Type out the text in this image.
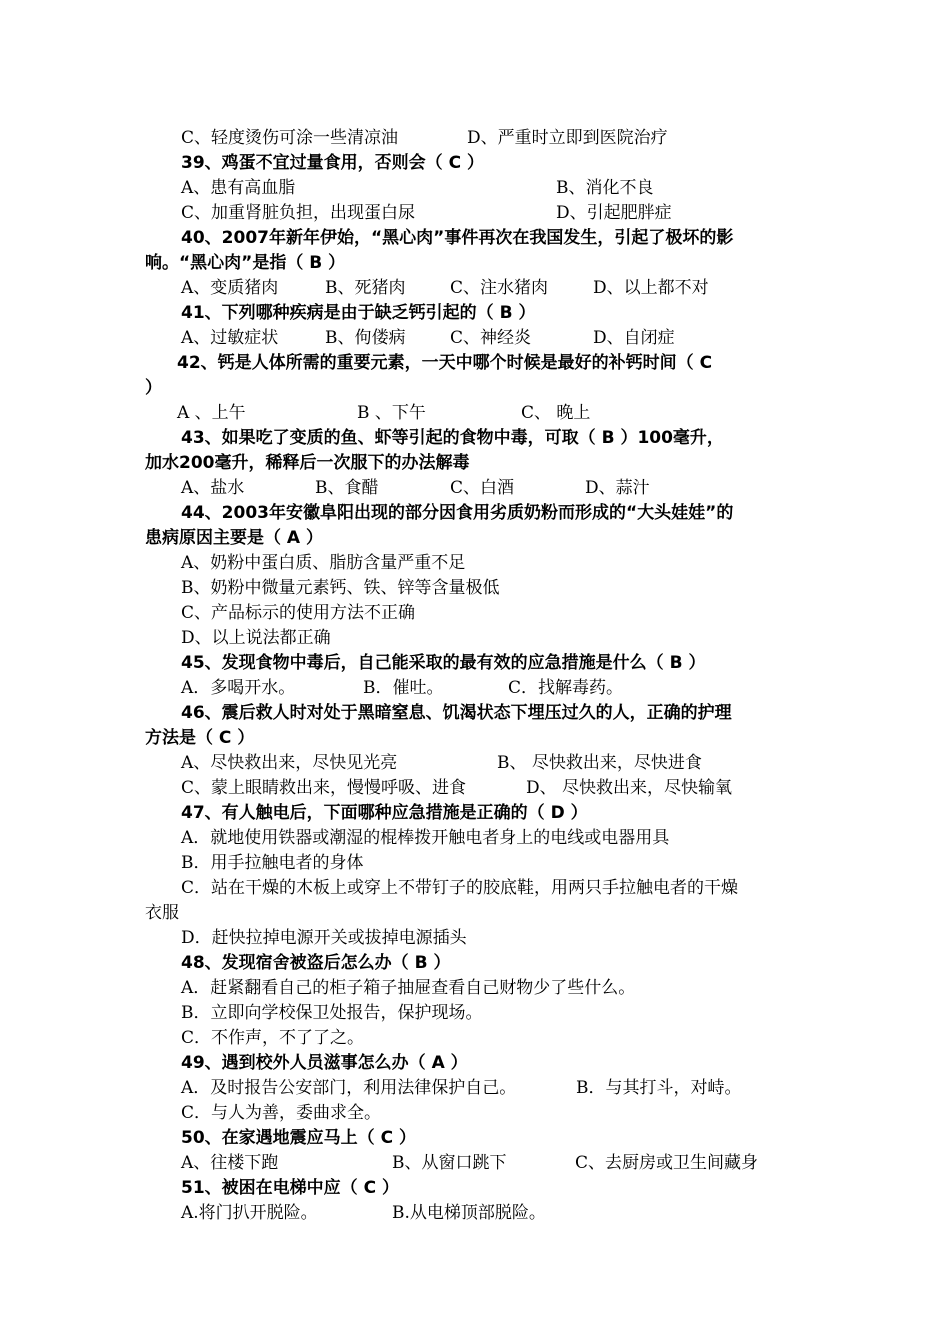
C、轻度烫伤可涂一些清凉油	D、严重时立即到医院治疗
39、鸡蛋不宜过量食用，否则会（ C ）
A、患有高血脂	B、消化不良
C、加重肾脏负担，出现蛋白尿	D、引起肥胖症
40、2007年新年伊始，“黑心肉”事件再次在我国发生，引起了极坏的影
响。“黑心肉”是指（ B ）
A、变质猪肉	B、死猪肉	C、注水猪肉	D、以上都不对
41、下列哪种疾病是由于缺乏钙引起的（ B ）
A、过敏症状	B、佝偻病	C、神经炎	D、自闭症
42、钙是人体所需的重要元素，一天中哪个时候是最好的补钙时间（ C
）
A 、上午	B 、下午	C、 晚上
43、如果吃了变质的鱼、虾等引起的食物中毒，可取（ B ）100毫升，
加水200毫升，稀释后一次服下的办法解毒
A、盐水	B、食醋	C、白酒	D、蒜汁
44、2003年安徽阜阳出现的部分因食用劣质奶粉而形成的“大头娃娃”的
患病原因主要是（ A ）
A、奶粉中蛋白质、脂肪含量严重不足
B、奶粉中微量元素钙、铁、锌等含量极低
C、产品标示的使用方法不正确
D、以上说法都正确
45、发现食物中毒后，自己能采取的最有效的应急措施是什么（ B ）
A．多喝开水。	B．催吐。	C．找解毒药。
46、震后救人时对处于黑暗窒息、饥渴状态下埋压过久的人，正确的护理
方法是（ C ）
A、尽快救出来，尽快见光亮	B、 尽快救出来，尽快进食
C、蒙上眼睛救出来，慢慢呼吸、进食	D、 尽快救出来，尽快输氧
47、有人触电后，下面哪种应急措施是正确的（ D ）
A．就地使用铁器或潮湿的棍棒拨开触电者身上的电线或电器用具
B．用手拉触电者的身体
C．站在干燥的木板上或穿上不带钉子的胶底鞋，用两只手拉触电者的干燥
衣服
D．赶快拉掉电源开关或拔掉电源插头
48、发现宿舍被盗后怎么办（ B ）
A．赶紧翻看自己的柜子箱子抽屉查看自己财物少了些什么。
B．立即向学校保卫处报告，保护现场。
C．不作声，不了了之。
49、遇到校外人员滋事怎么办（ A ）
A．及时报告公安部门，利用法律保护自己。	B．与其打斗，对峙。
C．与人为善，委曲求全。
50、在家遇地震应马上（ C ）
A、往楼下跑	B、从窗口跳下	C、去厨房或卫生间藏身
51、被困在电梯中应（ C ）
A.将门扒开脱险。	B.从电梯顶部脱险。
